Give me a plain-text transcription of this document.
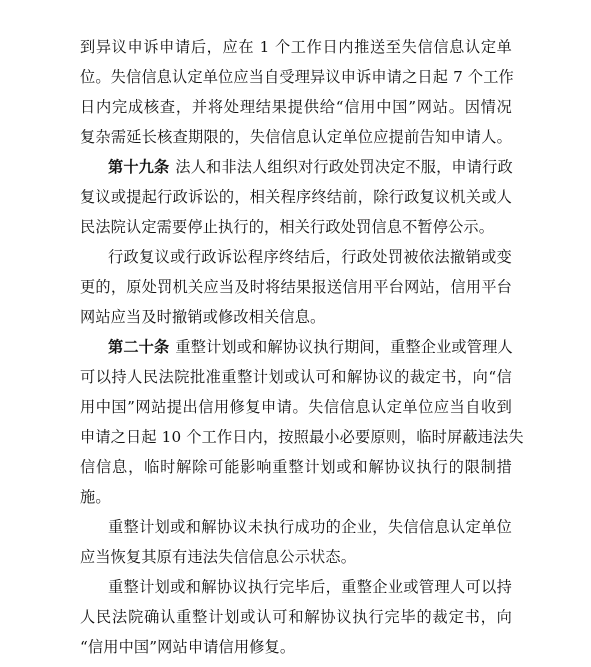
到异议申诉申请后，应在 1 个工作日内推送至失信信息认定单
位。失信信息认定单位应当自受理异议申诉申请之日起 7 个工作
日内完成核查，并将处理结果提供给“信用中国”网站。因情况
复杂需延长核查期限的，失信信息认定单位应提前告知申请人。
第十九条 法人和非法人组织对行政处罚决定不服，申请行政
复议或提起行政诉讼的，相关程序终结前，除行政复议机关或人
民法院认定需要停止执行的，相关行政处罚信息不暂停公示。
行政复议或行政诉讼程序终结后，行政处罚被依法撤销或变
更的，原处罚机关应当及时将结果报送信用平台网站，信用平台
网站应当及时撤销或修改相关信息。
第二十条 重整计划或和解协议执行期间，重整企业或管理人
可以持人民法院批准重整计划或认可和解协议的裁定书，向“信
用中国”网站提出信用修复申请。失信信息认定单位应当自收到
申请之日起 10 个工作日内，按照最小必要原则，临时屏蔽违法失
信信息，临时解除可能影响重整计划或和解协议执行的限制措
施。
重整计划或和解协议未执行成功的企业，失信信息认定单位
应当恢复其原有违法失信信息公示状态。
重整计划或和解协议执行完毕后，重整企业或管理人可以持
人民法院确认重整计划或认可和解协议执行完毕的裁定书，向
“信用中国”网站申请信用修复。
